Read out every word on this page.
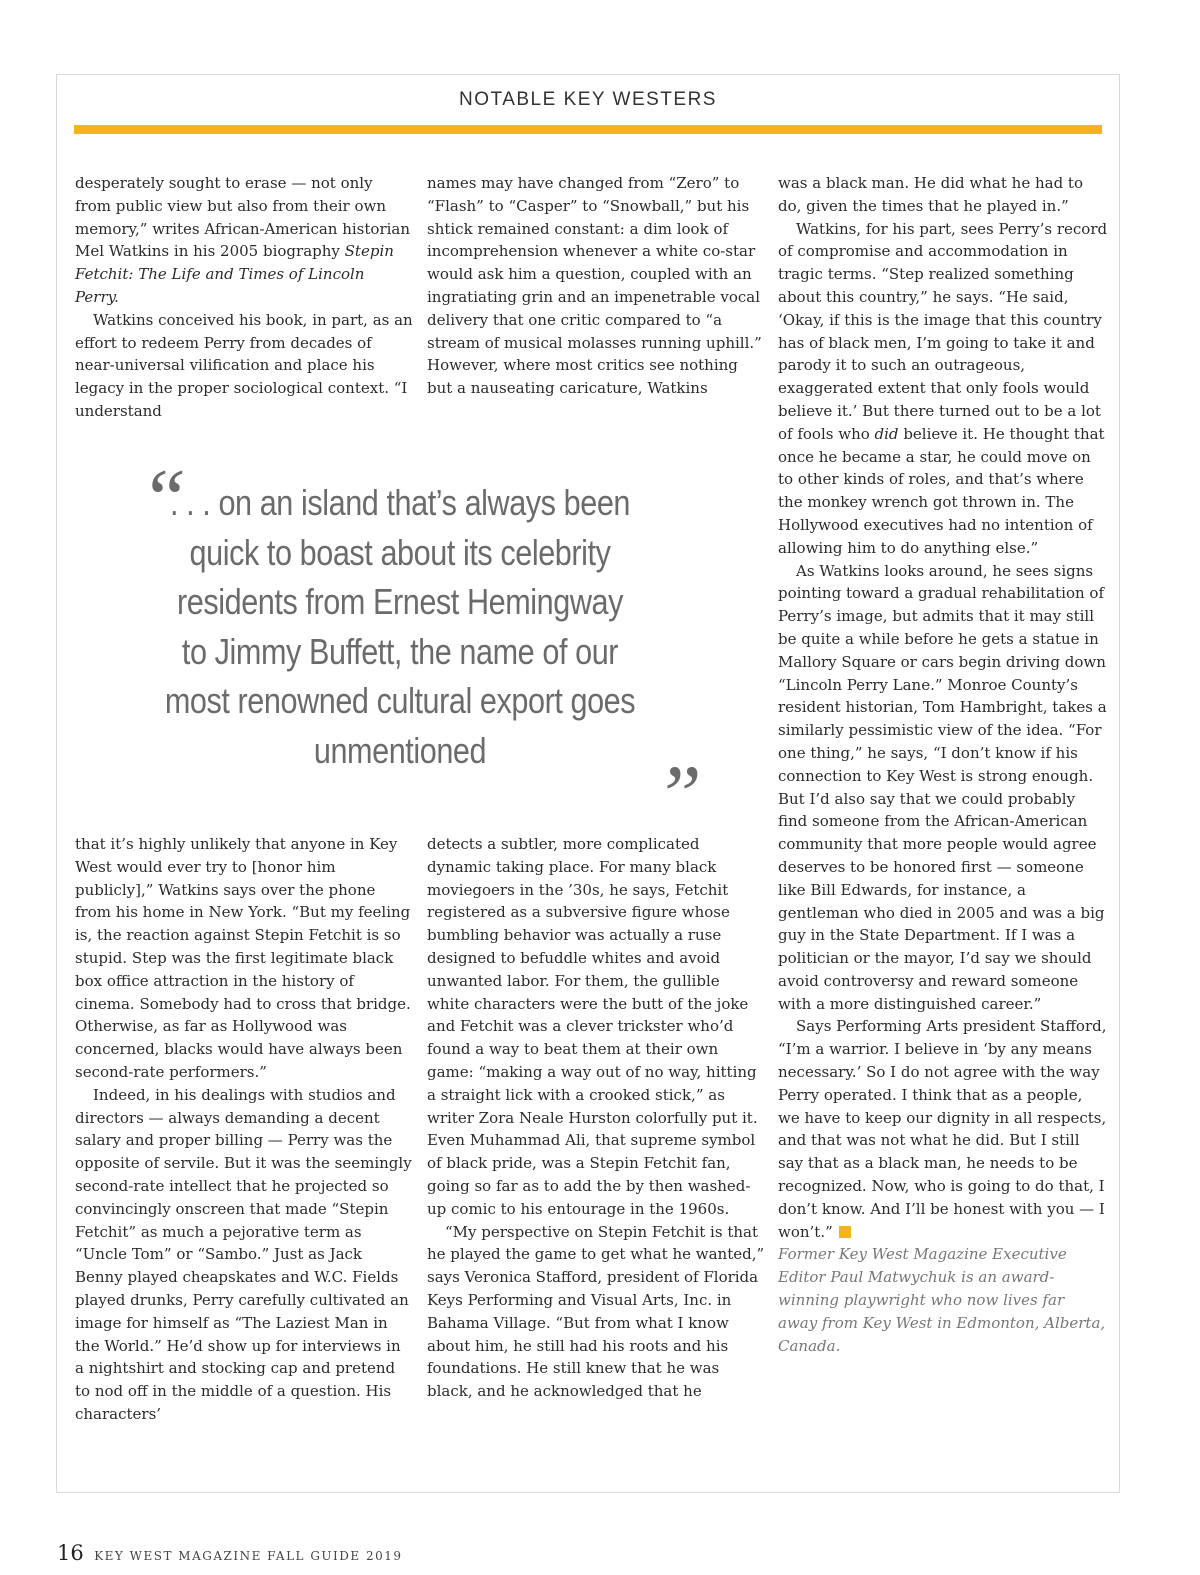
NOTABLE KEY WESTERS

desperately sought to erase — not only from public view but also from their own memory,” writes African-American historian Mel Watkins in his 2005 biography Stepin Fetchit: The Life and Times of Lincoln Perry.

Watkins conceived his book, in part, as an effort to redeem Perry from decades of near-universal vilification and place his legacy in the proper sociological context. “I understand

names may have changed from “Zero” to “Flash” to “Casper” to “Snowball,” but his shtick remained constant: a dim look of incomprehension whenever a white co-star would ask him a question, coupled with an ingratiating grin and an impenetrable vocal delivery that one critic compared to “a stream of musical molasses running uphill.” However, where most critics see nothing but a nauseating caricature, Watkins

“
. . . on an island that’s always been quick to boast about its celebrity residents from Ernest Hemingway to Jimmy Buffett, the name of our most renowned cultural export goes unmentioned	”

that it’s highly unlikely that anyone in Key West would ever try to [honor him publicly],” Watkins says over the phone from his home in New York. “But my feeling is, the reaction against Stepin Fetchit is so stupid. Step was the first legitimate black box office attraction in the history of cinema. Somebody had to cross that bridge. Otherwise, as far as Hollywood was concerned, blacks would have always been second-rate performers.”

Indeed, in his dealings with studios and directors — always demanding a decent salary and proper billing — Perry was the opposite of servile. But it was the seemingly second-rate intellect that he projected so convincingly onscreen that made “Stepin Fetchit” as much a pejorative term as “Uncle Tom” or “Sambo.” Just as Jack Benny played cheapskates and W.C. Fields played drunks, Perry carefully cultivated an image for himself as “The Laziest Man in the World.” He’d show up for interviews in a nightshirt and stocking cap and pretend to nod off in the middle of a question. His characters’

detects a subtler, more complicated dynamic taking place. For many black moviegoers in the ’30s, he says, Fetchit registered as a subversive figure whose bumbling behavior was actually a ruse designed to befuddle whites and avoid unwanted labor. For them, the gullible white characters were the butt of the joke and Fetchit was a clever trickster who’d found a way to beat them at their own game: “making a way out of no way, hitting a straight lick with a crooked stick,” as writer Zora Neale Hurston colorfully put it. Even Muhammad Ali, that supreme symbol of black pride, was a Stepin Fetchit fan, going so far as to add the by then washed-up comic to his entourage in the 1960s.

“My perspective on Stepin Fetchit is that he played the game to get what he wanted,” says Veronica Stafford, president of Florida Keys Performing and Visual Arts, Inc. in Bahama Village. “But from what I know about him, he still had his roots and his foundations. He still knew that he was black, and he acknowledged that he

was a black man. He did what he had to do, given the times that he played in.”

Watkins, for his part, sees Perry’s record of compromise and accommodation in tragic terms. “Step realized something about this country,” he says. “He said, ‘Okay, if this is the image that this country has of black men, I’m going to take it and parody it to such an outrageous, exaggerated extent that only fools would believe it.’ But there turned out to be a lot of fools who did believe it. He thought that once he became a star, he could move on to other kinds of roles, and that’s where the monkey wrench got thrown in. The Hollywood executives had no intention of allowing him to do anything else.”

As Watkins looks around, he sees signs pointing toward a gradual rehabilitation of Perry’s image, but admits that it may still be quite a while before he gets a statue in Mallory Square or cars begin driving down “Lincoln Perry Lane.” Monroe County’s resident historian, Tom Hambright, takes a similarly pessimistic view of the idea. “For one thing,” he says, “I don’t know if his connection to Key West is strong enough. But I’d also say that we could probably find someone from the African-American community that more people would agree deserves to be honored first — someone like Bill Edwards, for instance, a gentleman who died in 2005 and was a big guy in the State Department. If I was a politician or the mayor, I’d say we should avoid controversy and reward someone with a more distinguished career.”

Says Performing Arts president Stafford, “I’m a warrior. I believe in ‘by any means necessary.’ So I do not agree with the way Perry operated. I think that as a people, we have to keep our dignity in all respects, and that was not what he did. But I still say that as a black man, he needs to be recognized. Now, who is going to do that, I don’t know. And I’ll be honest with you — I won’t.”

Former Key West Magazine Executive Editor Paul Matwychuk is an award-winning playwright who now lives far away from Key West in Edmonton, Alberta, Canada.

16 KEY WEST MAGAZINE FALL GUIDE 2019
